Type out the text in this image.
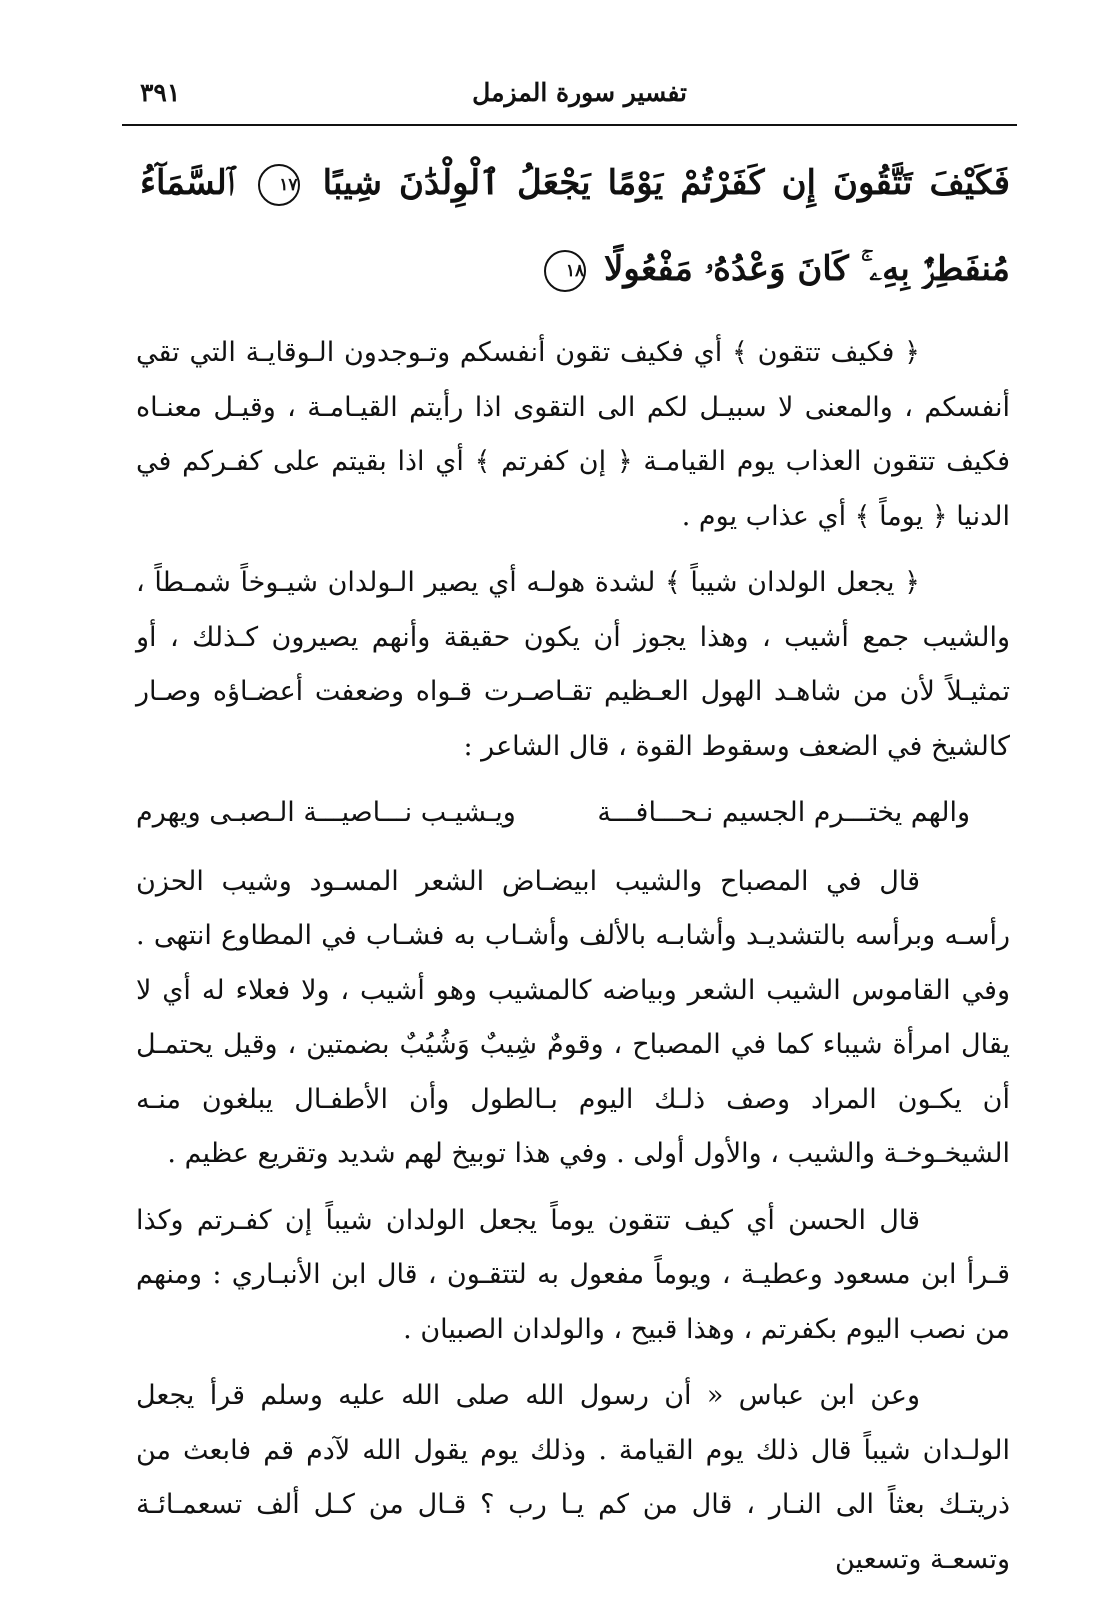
تفسير سورة المزمل
٣٩١
فَكَيْفَ تَتَّقُونَ إِن كَفَرْتُمْ يَوْمًا يَجْعَلُ ٱلْوِلْدَٰنَ شِيبًا ١٧ ٱلسَّمَآءُ مُنفَطِرٌۢ بِهِۦ ۚ كَانَ وَعْدُهُۥ مَفْعُولًا ١٨

﴿ فكيف تتقون ﴾ أي فكيف تقون أنفسكم وتـوجدون الـوقايـة التي تقي أنفسكم ، والمعنى لا سبيـل لكم الى التقوى اذا رأيتم القيـامـة ، وقيـل معنـاه فكيف تتقون العذاب يوم القيامـة ﴿ إن كفرتم ﴾ أي اذا بقيتم على كفـركم في الدنيا ﴿ يوماً ﴾ أي عذاب يوم .

﴿ يجعل الولدان شيباً ﴾ لشدة هولـه أي يصير الـولدان شيـوخاً شمـطاً ، والشيب جمع أشيب ، وهذا يجوز أن يكون حقيقة وأنهم يصيرون كـذلك ، أو تمثيـلاً لأن من شاهـد الهول العـظيم تقـاصـرت قـواه وضعفت أعضـاؤه وصـار كالشيخ في الضعف وسقوط القوة ، قال الشاعر :

والهم يختـــرم الجسيم نـحـــافـــة
ويـشيـب نـــاصيـــة الـصبـى ويهرم

قال في المصباح والشيب ابيضـاض الشعر المسـود وشيب الحزن رأسـه وبرأسه بالتشديـد وأشابـه بالألف وأشـاب به فشـاب في المطاوع انتهى . وفي القاموس الشيب الشعر وبياضه كالمشيب وهو أشيب ، ولا فعلاء له أي لا يقال امرأة شيباء كما في المصباح ، وقومٌ شِيبٌ وَشُيُبٌ بضمتين ، وقيل يحتمـل أن يكـون المراد وصف ذلـك اليوم بـالطول وأن الأطفـال يبلغون منـه الشيخـوخـة والشيب ، والأول أولى . وفي هذا توبيخ لهم شديد وتقريع عظيم .

قال الحسن أي كيف تتقون يوماً يجعل الولدان شيباً إن كفـرتم وكذا قـرأ ابن مسعود وعطيـة ، ويوماً مفعول به لتتقـون ، قال ابن الأنبـاري : ومنهم من نصب اليوم بكفرتم ، وهذا قبيح ، والولدان الصبيان .

وعن ابن عباس « أن رسول الله صلى الله عليه وسلم قرأ يجعل الولـدان شيباً قال ذلك يوم القيامة . وذلك يوم يقول الله لآدم قم فابعث من ذريتـك بعثاً الى النـار ، قال من كم يـا رب ؟ قـال من كـل ألف تسعمـائـة وتسعـة وتسعين
